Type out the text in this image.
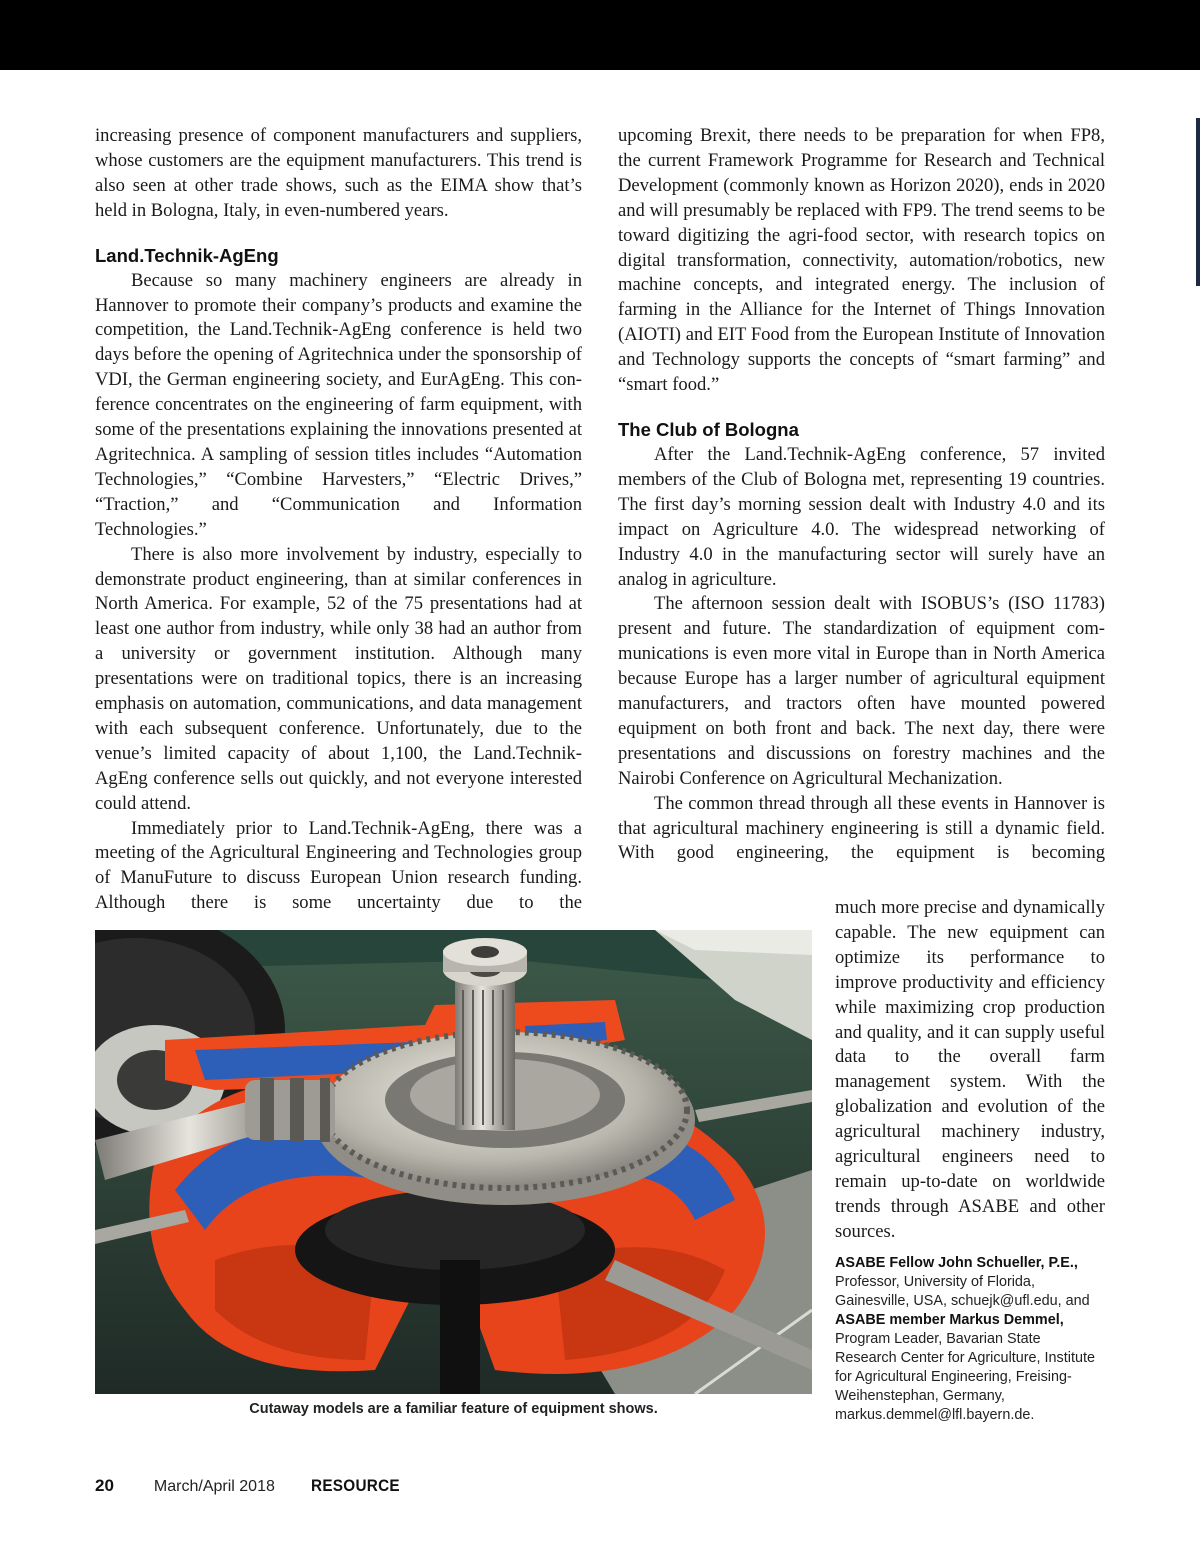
increasing presence of component manufacturers and suppliers, whose customers are the equipment manufacturers. This trend is also seen at other trade shows, such as the EIMA show that’s held in Bologna, Italy, in even-numbered years.

Land.Technik-AgEng

Because so many machinery engineers are already in Hannover to promote their company’s products and examine the competition, the Land.Technik-AgEng conference is held two days before the opening of Agritechnica under the sponsorship of VDI, the German engineering society, and EurAgEng. This conference concentrates on the engineering of farm equipment, with some of the presentations explaining the innovations presented at Agritechnica. A sampling of session titles includes “Automation Technologies,” “Combine Harvesters,” “Electric Drives,” “Traction,” and “Communication and Information Technologies.”

There is also more involvement by industry, especially to demonstrate product engineering, than at similar conferences in North America. For example, 52 of the 75 presentations had at least one author from industry, while only 38 had an author from a university or government institution. Although many presentations were on traditional topics, there is an increasing emphasis on automation, communications, and data management with each subsequent conference. Unfortunately, due to the venue’s limited capacity of about 1,100, the Land.Technik-AgEng conference sells out quickly, and not everyone interested could attend.

Immediately prior to Land.Technik-AgEng, there was a meeting of the Agricultural Engineering and Technologies group of ManuFuture to discuss European Union research funding. Although there is some uncertainty due to the

upcoming Brexit, there needs to be preparation for when FP8, the current Framework Programme for Research and Technical Development (commonly known as Horizon 2020), ends in 2020 and will presumably be replaced with FP9. The trend seems to be toward digitizing the agri-food sector, with research topics on digital transformation, connectivity, automation/robotics, new machine concepts, and integrated energy. The inclusion of farming in the Alliance for the Internet of Things Innovation (AIOTI) and EIT Food from the European Institute of Innovation and Technology supports the concepts of “smart farming” and “smart food.”

The Club of Bologna

After the Land.Technik-AgEng conference, 57 invited members of the Club of Bologna met, representing 19 countries. The first day’s morning session dealt with Industry 4.0 and its impact on Agriculture 4.0. The widespread networking of Industry 4.0 in the manufacturing sector will surely have an analog in agriculture.

The afternoon session dealt with ISOBUS’s (ISO 11783) present and future. The standardization of equipment communications is even more vital in Europe than in North America because Europe has a larger number of agricultural equipment manufacturers, and tractors often have mounted powered equipment on both front and back. The next day, there were presentations and discussions on forestry machines and the Nairobi Conference on Agricultural Mechanization.

The common thread through all these events in Hannover is that agricultural machinery engineering is still a dynamic field. With good engineering, the equipment is becoming

much more precise and dynamically capable. The new equipment can optimize its performance to improve productivity and efficiency while maximizing crop production and quality, and it can supply useful data to the overall farm management system. With the globalization and evolution of the agricultural machinery industry, agricultural engineers need to remain up-to-date on worldwide trends through ASABE and other sources.

ASABE Fellow John Schueller, P.E., Professor, University of Florida, Gainesville, USA, schuejk@ufl.edu, and ASABE member Markus Demmel, Program Leader, Bavarian State Research Center for Agriculture, Institute for Agricultural Engineering, Freising-Weihenstephan, Germany, markus.demmel@lfl.bayern.de.
Cutaway models are a familiar feature of equipment shows.
20	March/April 2018 RESOURCE
